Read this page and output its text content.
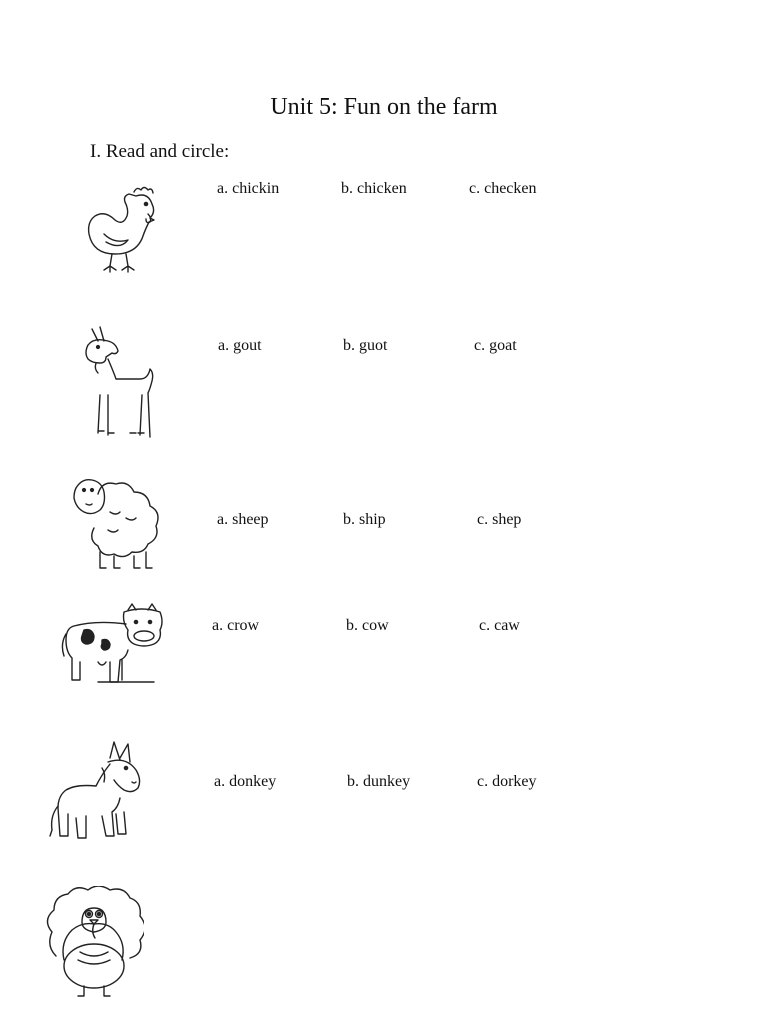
Unit 5: Fun on the farm
I. Read and circle:
a. chickin	b. chicken	c. checken
a. gout	b. guot	c. goat
a. sheep	b. ship	c. shep
a. crow	b. cow	c. caw
a. donkey	b. dunkey	c. dorkey
